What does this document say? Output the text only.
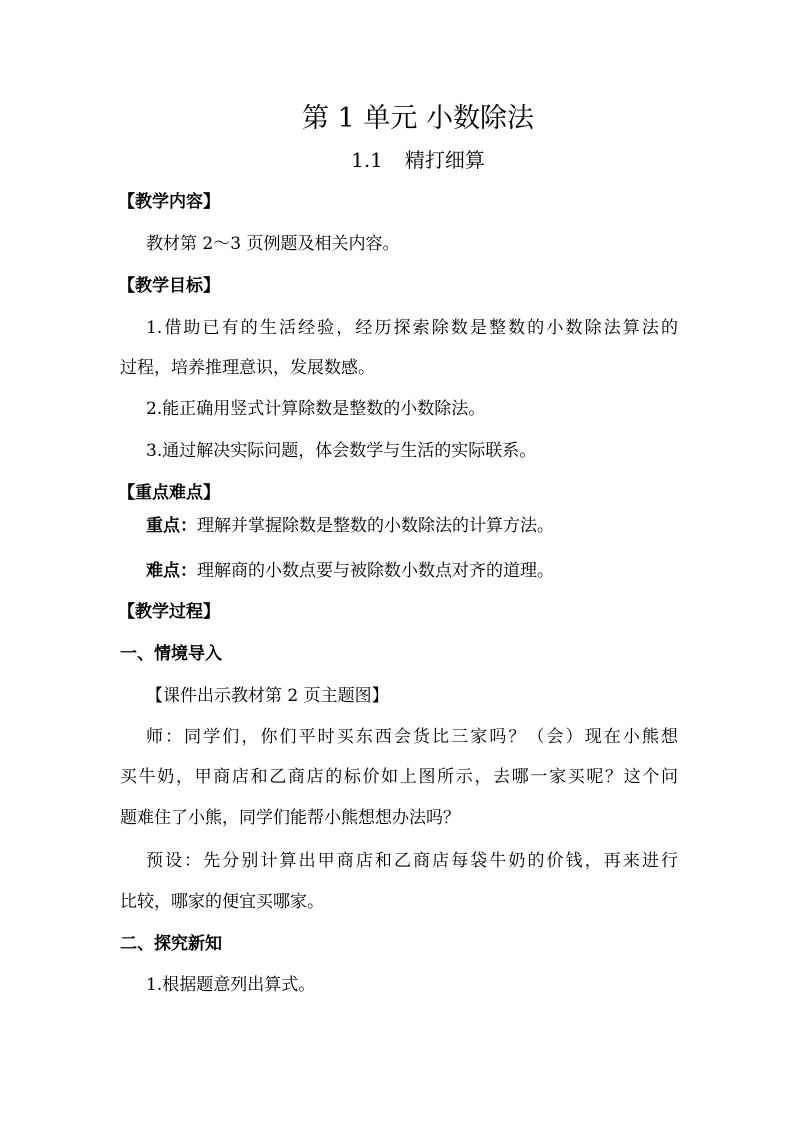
第 1 单元 小数除法
1.1 精打细算
【教学内容】
教材第 2～3 页例题及相关内容。
【教学目标】
1.借助已有的生活经验，经历探索除数是整数的小数除法算法的
过程，培养推理意识，发展数感。
2.能正确用竖式计算除数是整数的小数除法。
3.通过解决实际问题，体会数学与生活的实际联系。
【重点难点】
重点：理解并掌握除数是整数的小数除法的计算方法。
难点：理解商的小数点要与被除数小数点对齐的道理。
【教学过程】
一、情境导入
【课件出示教材第 2 页主题图】
师：同学们，你们平时买东西会货比三家吗？（会）现在小熊想
买牛奶，甲商店和乙商店的标价如上图所示，去哪一家买呢？这个问
题难住了小熊，同学们能帮小熊想想办法吗？
预设：先分别计算出甲商店和乙商店每袋牛奶的价钱，再来进行
比较，哪家的便宜买哪家。
二、探究新知
1.根据题意列出算式。
